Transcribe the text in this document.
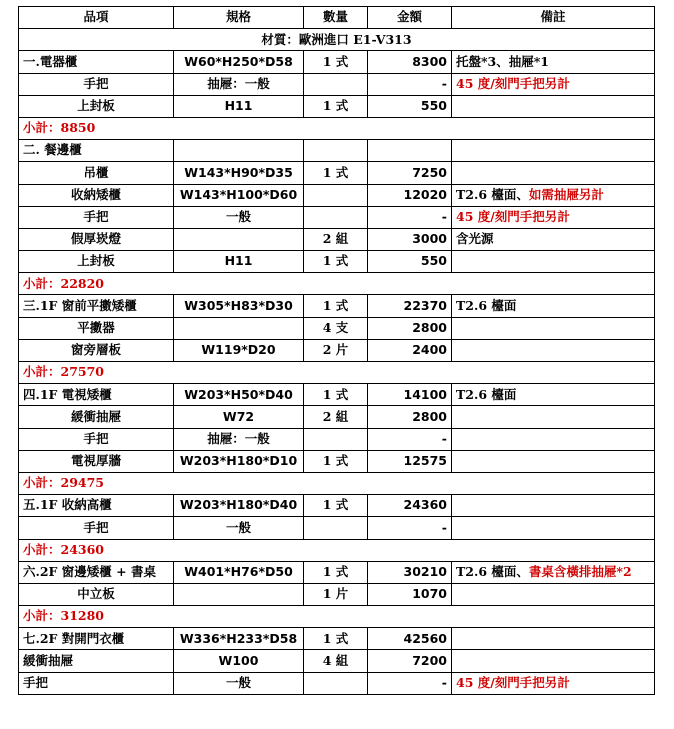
品項	規格	數量	金額	備註
材質：歐洲進口 E1-V313				
一.電器櫃	W60*H250*D58	1 式	8300	托盤*3、抽屜*1
手把	抽屜：一般		-	45 度/刻門手把另計
上封板	H11	1 式	550	
小計：8850				
二. 餐邊櫃				
吊櫃	W143*H90*D35	1 式	7250	
收納矮櫃	W143*H100*D60		12020	T2.6 檯面、如需抽屜另計
手把	一般		-	45 度/刻門手把另計
假厚崁燈		2 組	3000	含光源
上封板	H11	1 式	550	
小計：22820				
三.1F 窗前平擻矮櫃	W305*H83*D30	1 式	22370	T2.6 檯面
平擻器		4 支	2800	
窗旁層板	W119*D20	2 片	2400	
小計：27570				
四.1F 電視矮櫃	W203*H50*D40	1 式	14100	T2.6 檯面
緩衝抽屜	W72	2 組	2800	
手把	抽屜：一般		-	
電視厚牆	W203*H180*D10	1 式	12575	
小計：29475				
五.1F 收納高櫃	W203*H180*D40	1 式	24360	
手把	一般		-	
小計：24360				
六.2F 窗邊矮櫃 + 書桌	W401*H76*D50	1 式	30210	T2.6 檯面、書桌含橫排抽屜*2
中立板		1 片	1070	
小計：31280				
七.2F 對開門衣櫃	W336*H233*D58	1 式	42560	
緩衝抽屜	W100	4 組	7200	
手把	一般		-	45 度/刻門手把另計
